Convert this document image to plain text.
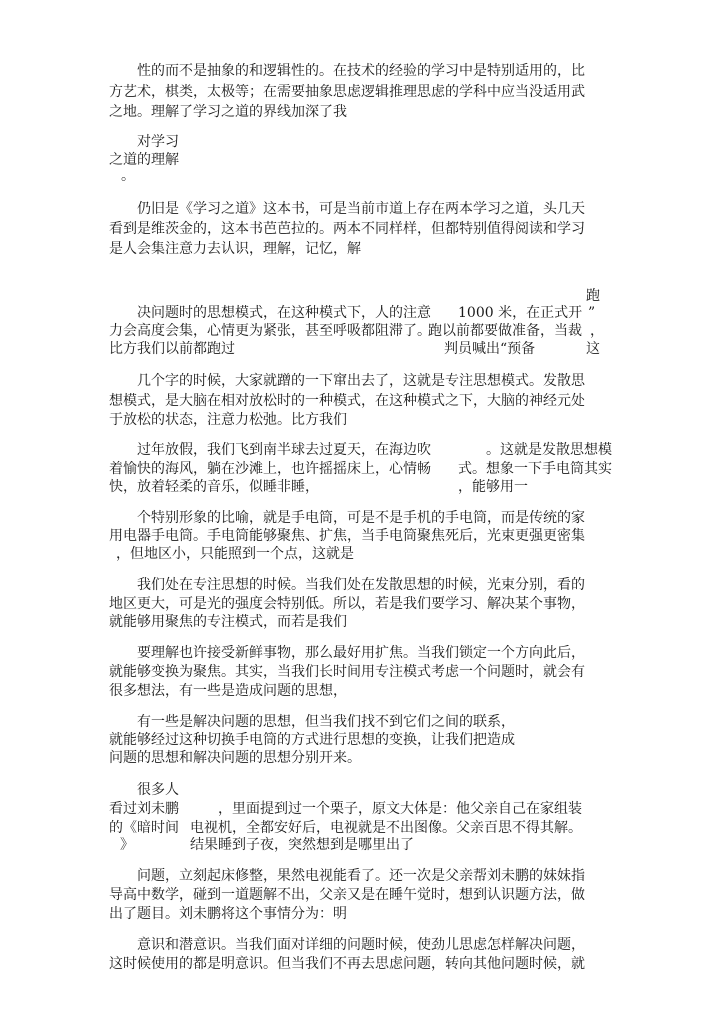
性的而不是抽象的和逻辑性的。在技术的经验的学习中是特别适用的，比
方艺术，棋类，太极等；在需要抽象思虑逻辑推理思虑的学科中应当没适用武
之地。理解了学习之道的界线加深了我
对学习
之道的理解
。
仍旧是《学习之道》这本书，可是当前市道上存在两本学习之道，头几天
看到是维茨金的，这本书芭芭拉的。两本不同样样，但都特别值得阅读和学习
是人会集注意力去认识，理解，记忆，解
跑
决问题时的思想模式，在这种模式下，人的注意 1000 米，在正式开 ”
力会高度会集，心情更为紧张，甚至呼吸都阻滞了。
跑以前都要做准备，当裁 ，
比方我们以前都跑过	判员喊出“预备	这
几个字的时候，大家就蹭的一下窜出去了，这就是专注思想模式。发散思
想模式，是大脑在相对放松时的一种模式，在这种模式之下，大脑的神经元处
于放松的状态，注意力松弛。比方我们
过年放假，我们飞到南半球去过夏天，在海边吹	。这就是发散思想模
着愉快的海风，躺在沙滩上，也许摇摇床上，心情畅 式。想象一下手电筒其实
快，放着轻柔的音乐，似睡非睡，	，能够用一
个特别形象的比喻，就是手电筒，可是不是手机的手电筒，而是传统的家
用电器手电筒。手电筒能够聚焦、扩焦，当手电筒聚焦死后，光束更强更密集
，但地区小，只能照到一个点，这就是
我们处在专注思想的时候。当我们处在发散思想的时候，光束分别，看的
地区更大，可是光的强度会特别低。所以，若是我们要学习、解决某个事物，
就能够用聚焦的专注模式，而若是我们
要理解也许接受新鲜事物，那么最好用扩焦。当我们锁定一个方向此后，
就能够变换为聚焦。其实，当我们长时间用专注模式考虑一个问题时，就会有
很多想法，有一些是造成问题的思想，
有一些是解决问题的思想，但当我们找不到它们之间的联系，
就能够经过这种切换手电筒的方式进行思想的变换，让我们把造成
问题的思想和解决问题的思想分别开来。
很多人
看过刘未鹏	，里面提到过一个栗子，原文大体是：他父亲自己在家组装
的《暗时间 电视机，全都安好后，电视就是不出图像。父亲百思不得其解。
》	结果睡到子夜，突然想到是哪里出了
问题，立刻起床修整，果然电视能看了。还一次是父亲帮刘未鹏的妹妹指
导高中数学，碰到一道题解不出，父亲又是在睡午觉时，想到认识题方法，做
出了题目。刘未鹏将这个事情分为：明
意识和潜意识。当我们面对详细的问题时候，使劲儿思虑怎样解决问题，
这时候使用的都是明意识。但当我们不再去思虑问题，转向其他问题时候，就
